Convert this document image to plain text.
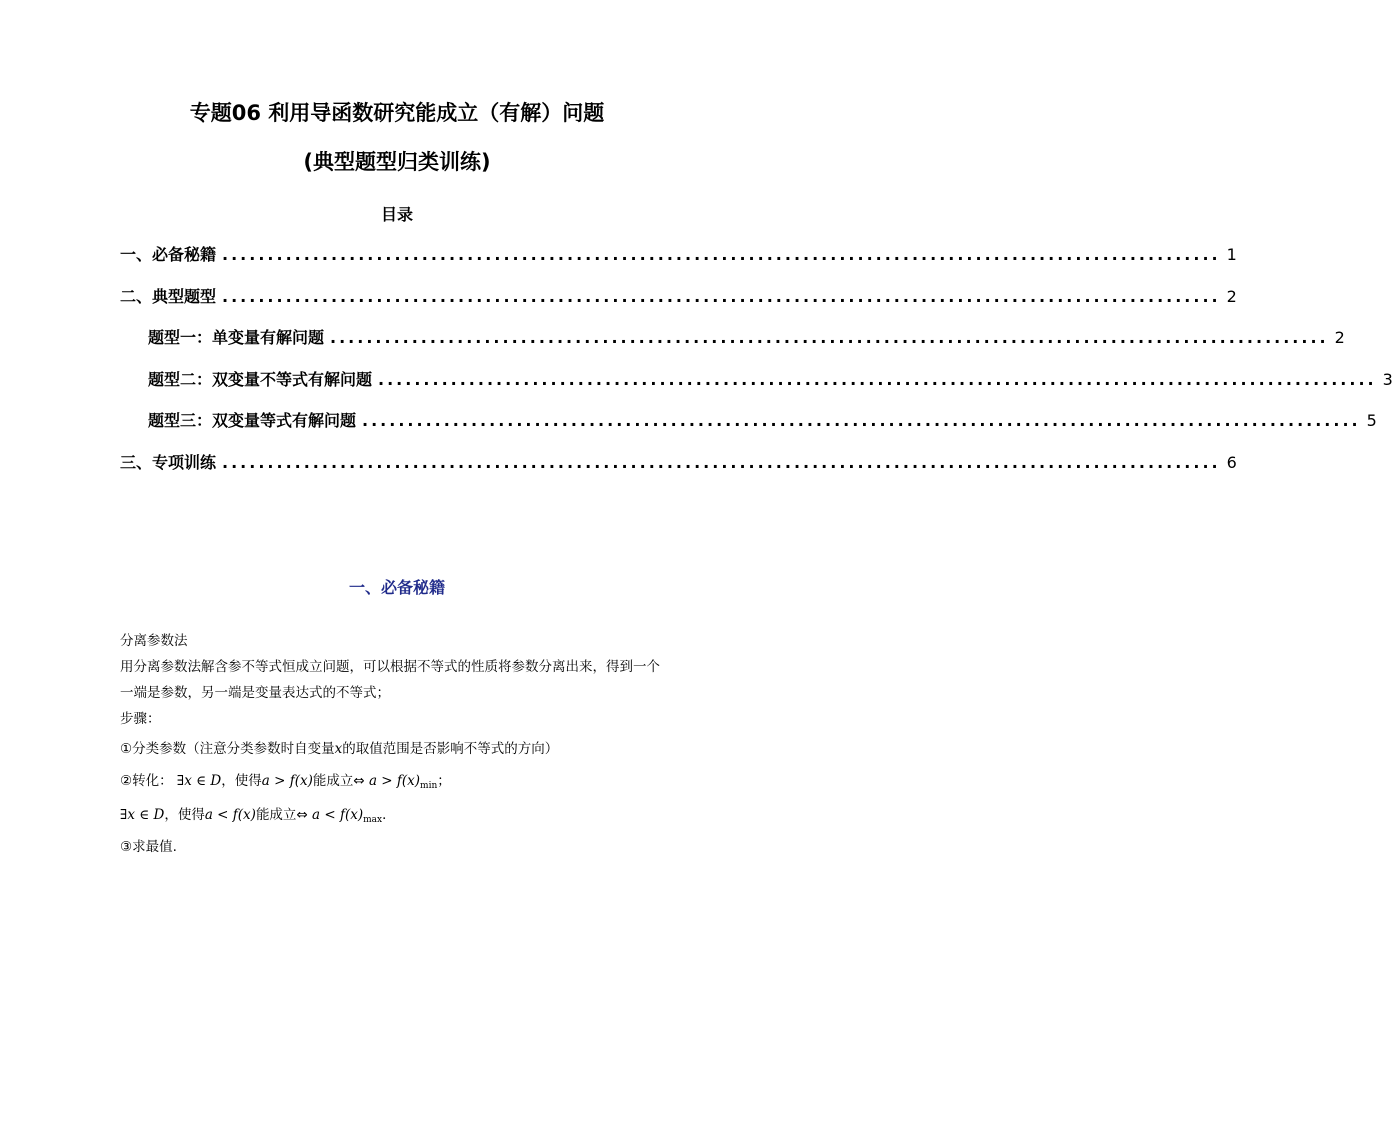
专题06 利用导函数研究能成立（有解）问题
(典型题型归类训练)
目录
一、必备秘籍 .............................................................................................................. 1
二、典型题型 .............................................................................................................. 2
题型一：单变量有解问题 .............................................................................................................. 2
题型二：双变量不等式有解问题 .............................................................................................................. 3
题型三：双变量等式有解问题 .............................................................................................................. 5
三、专项训练 .............................................................................................................. 6
一、必备秘籍
分离参数法
用分离参数法解含参不等式恒成立问题，可以根据不等式的性质将参数分离出来，得到一个
一端是参数，另一端是变量表达式的不等式；
步骤：
①分类参数（注意分类参数时自变量x的取值范围是否影响不等式的方向）
②转化： ∃x ∈ D，使得a > f(x)能成立⇔ $a > f(x)_{min}$；
∃x ∈ D，使得a < f(x)能成立⇔ $a < f(x)_{max}$．
③求最值.
